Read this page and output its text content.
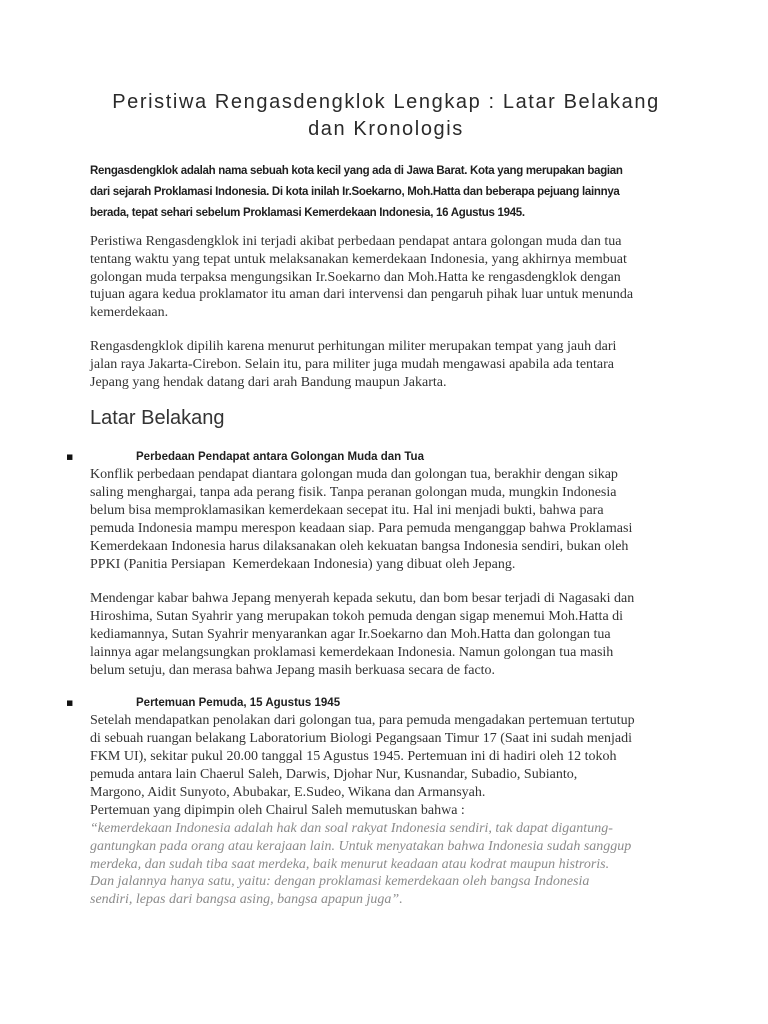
Peristiwa Rengasdengklok Lengkap : Latar Belakang
dan Kronologis
Rengasdengklok adalah nama sebuah kota kecil yang ada di Jawa Barat. Kota yang merupakan bagian
dari sejarah Proklamasi Indonesia. Di kota inilah Ir.Soekarno, Moh.Hatta dan beberapa pejuang lainnya
berada, tepat sehari sebelum Proklamasi Kemerdekaan Indonesia, 16 Agustus 1945.
Peristiwa Rengasdengklok ini terjadi akibat perbedaan pendapat antara golongan muda dan tua
tentang waktu yang tepat untuk melaksanakan kemerdekaan Indonesia, yang akhirnya membuat
golongan muda terpaksa mengungsikan Ir.Soekarno dan Moh.Hatta ke rengasdengklok dengan
tujuan agara kedua proklamator itu aman dari intervensi dan pengaruh pihak luar untuk menunda
kemerdekaan.
Rengasdengklok dipilih karena menurut perhitungan militer merupakan tempat yang jauh dari
jalan raya Jakarta-Cirebon. Selain itu, para militer juga mudah mengawasi apabila ada tentara
Jepang yang hendak datang dari arah Bandung maupun Jakarta.
Latar Belakang
▪	Perbedaan Pendapat antara Golongan Muda dan Tua
Konflik perbedaan pendapat diantara golongan muda dan golongan tua, berakhir dengan sikap
saling menghargai, tanpa ada perang fisik. Tanpa peranan golongan muda, mungkin Indonesia
belum bisa memproklamasikan kemerdekaan secepat itu. Hal ini menjadi bukti, bahwa para
pemuda Indonesia mampu merespon keadaan siap. Para pemuda menganggap bahwa Proklamasi
Kemerdekaan Indonesia harus dilaksanakan oleh kekuatan bangsa Indonesia sendiri, bukan oleh
PPKI (Panitia Persiapan  Kemerdekaan Indonesia) yang dibuat oleh Jepang.
Mendengar kabar bahwa Jepang menyerah kepada sekutu, dan bom besar terjadi di Nagasaki dan
Hiroshima, Sutan Syahrir yang merupakan tokoh pemuda dengan sigap menemui Moh.Hatta di
kediamannya, Sutan Syahrir menyarankan agar Ir.Soekarno dan Moh.Hatta dan golongan tua
lainnya agar melangsungkan proklamasi kemerdekaan Indonesia. Namun golongan tua masih
belum setuju, dan merasa bahwa Jepang masih berkuasa secara de facto.
▪	Pertemuan Pemuda, 15 Agustus 1945
Setelah mendapatkan penolakan dari golongan tua, para pemuda mengadakan pertemuan tertutup
di sebuah ruangan belakang Laboratorium Biologi Pegangsaan Timur 17 (Saat ini sudah menjadi
FKM UI), sekitar pukul 20.00 tanggal 15 Agustus 1945. Pertemuan ini di hadiri oleh 12 tokoh
pemuda antara lain Chaerul Saleh, Darwis, Djohar Nur, Kusnandar, Subadio, Subianto,
Margono, Aidit Sunyoto, Abubakar, E.Sudeo, Wikana dan Armansyah.
Pertemuan yang dipimpin oleh Chairul Saleh memutuskan bahwa :
“kemerdekaan Indonesia adalah hak dan soal rakyat Indonesia sendiri, tak dapat digantung-
gantungkan pada orang atau kerajaan lain. Untuk menyatakan bahwa Indonesia sudah sanggup
merdeka, dan sudah tiba saat merdeka, baik menurut keadaan atau kodrat maupun histroris.
Dan jalannya hanya satu, yaitu: dengan proklamasi kemerdekaan oleh bangsa Indonesia
sendiri, lepas dari bangsa asing, bangsa apapun juga”.
